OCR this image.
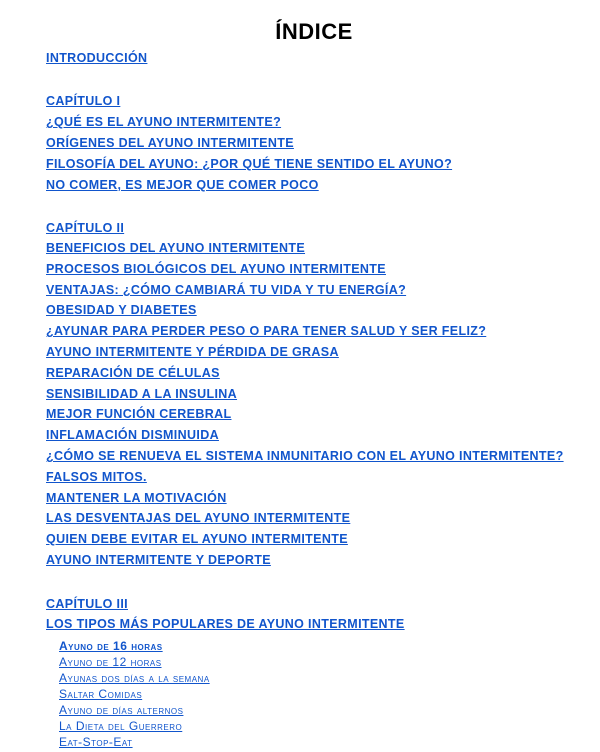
ÍNDICE
INTRODUCCIÓN
CAPÍTULO I
¿QUÉ ES EL AYUNO INTERMITENTE?
ORÍGENES DEL AYUNO INTERMITENTE
FILOSOFÍA DEL AYUNO: ¿POR QUÉ TIENE SENTIDO EL AYUNO?
NO COMER, ES MEJOR QUE COMER POCO
CAPÍTULO II
BENEFICIOS DEL AYUNO INTERMITENTE
PROCESOS BIOLÓGICOS DEL AYUNO INTERMITENTE
VENTAJAS: ¿CÓMO CAMBIARÁ TU VIDA Y TU ENERGÍA?
OBESIDAD Y DIABETES
¿AYUNAR PARA PERDER PESO O PARA TENER SALUD Y SER FELIZ?
AYUNO INTERMITENTE Y PÉRDIDA DE GRASA
REPARACIÓN DE CÉLULAS
SENSIBILIDAD A LA INSULINA
MEJOR FUNCIÓN CEREBRAL
INFLAMACIÓN DISMINUIDA
¿CÓMO SE RENUEVA EL SISTEMA INMUNITARIO CON EL AYUNO INTERMITENTE?
FALSOS MITOS.
MANTENER LA MOTIVACIÓN
LAS DESVENTAJAS DEL AYUNO INTERMITENTE
QUIEN DEBE EVITAR EL AYUNO INTERMITENTE
AYUNO INTERMITENTE Y DEPORTE
CAPÍTULO III
LOS TIPOS MÁS POPULARES DE AYUNO INTERMITENTE
Ayuno de 16 horas
Ayuno de 12 horas
Ayunas dos días a la semana
Saltar Comidas
Ayuno de días alternos
La Dieta del Guerrero
Eat-Stop-Eat
